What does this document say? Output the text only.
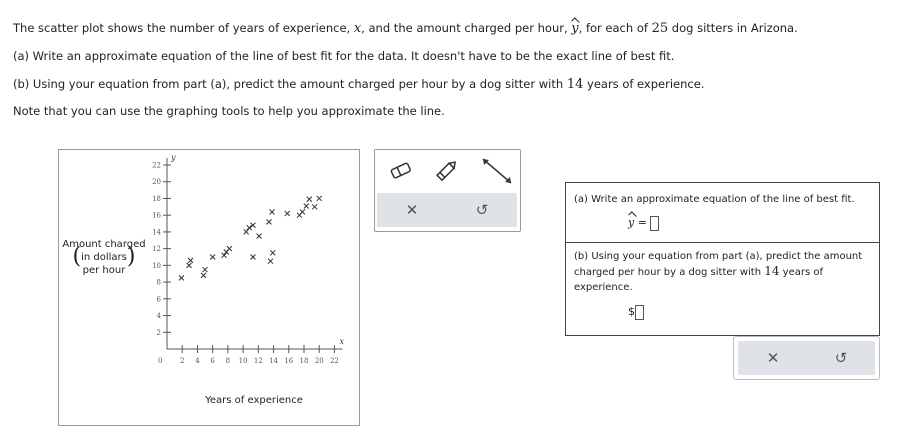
The scatter plot shows the number of years of experience, x, and the amount charged per hour, y, for each of 25 dog sitters in Arizona.
(a) Write an approximate equation of the line of best fit for the data. It doesn't have to be the exact line of best fit.
(b) Using your equation from part (a), predict the amount charged per hour by a dog sitter with 14 years of experience.
Note that you can use the graphing tools to help you approximate the line.
x
y
0	2 4 6 8 10 12 14 16 18 20 22
2
4
6
8
10
12
14
16
18
20
22
Amount charged
(in dollars)
per hour
Years of experience
✕	↺
(a) Write an approximate equation of the line of best fit.
y =
(b) Using your equation from part (a), predict the amount charged per hour by a dog sitter with 14 years of experience.
$
✕	↺
